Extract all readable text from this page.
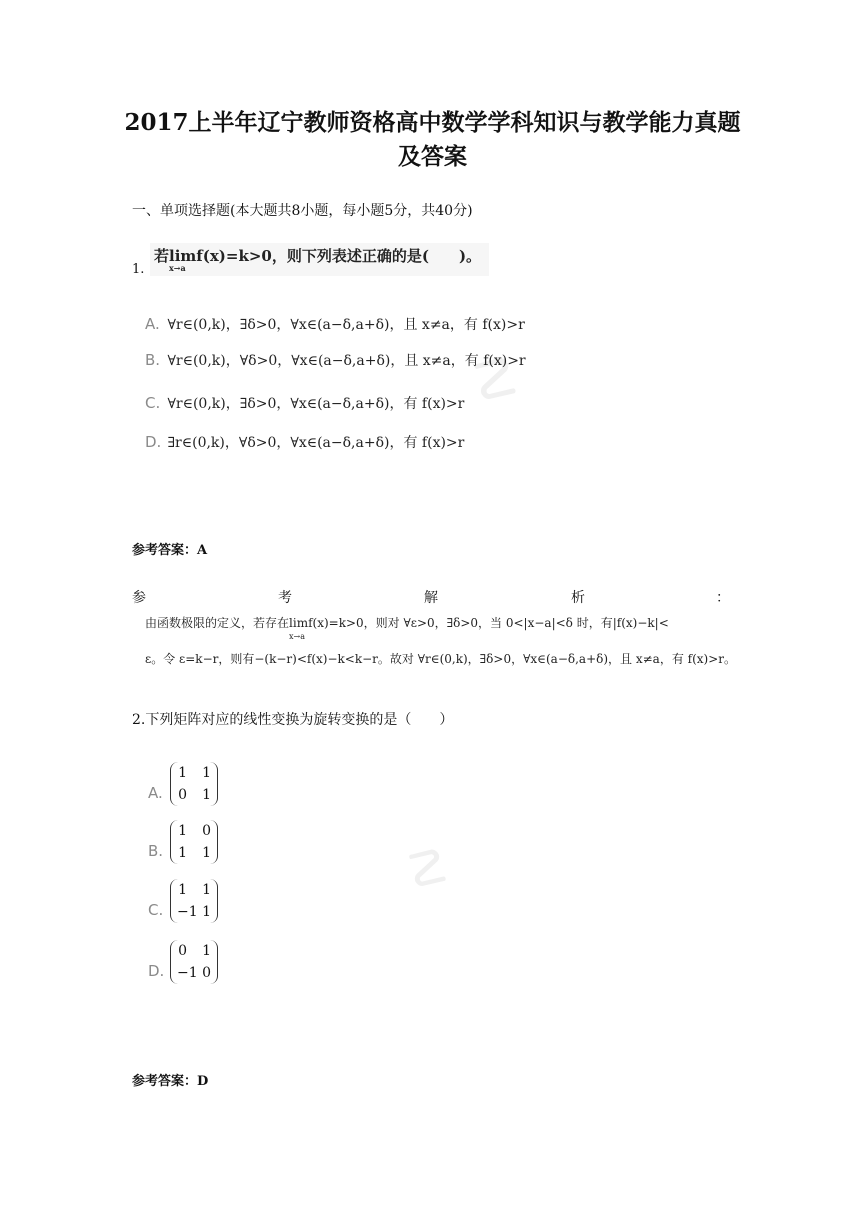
2017上半年辽宁教师资格高中数学学科知识与教学能力真题及答案
一、单项选择题(本大题共8小题，每小题5分，共40分)
☡
☡
1.
若lim
x→a
f(x)=k>0，则下列表述正确的是(　　)。
A. ∀r∈(0,k)，∃δ>0，∀x∈(a−δ,a+δ)，且 x≠a，有 f(x)>r
B. ∀r∈(0,k)，∀δ>0，∀x∈(a−δ,a+δ)，且 x≠a，有 f(x)>r
C. ∀r∈(0,k)，∃δ>0，∀x∈(a−δ,a+δ)，有 f(x)>r
D. ∃r∈(0,k)，∀δ>0，∀x∈(a−δ,a+δ)，有 f(x)>r
参考答案：A
参	考	解	析	：
由函数极限的定义，若存在lim
x→a
f(x)=k>0，则对 ∀ε>0，∃δ>0，当 0<|x−a|<δ 时，有|f(x)−k|<
ε。令 ε=k−r，则有−(k−r)<f(x)−k<k−r。故对 ∀r∈(0,k)，∃δ>0，∀x∈(a−δ,a+δ)，且 x≠a，有 f(x)>r。
2.下列矩阵对应的线性变换为旋转变换的是（　　）
A.
1 1
0 1
B.
1 0
1 1
C.
1 1
−1 1
D.
0 1
−1 0
参考答案：D
